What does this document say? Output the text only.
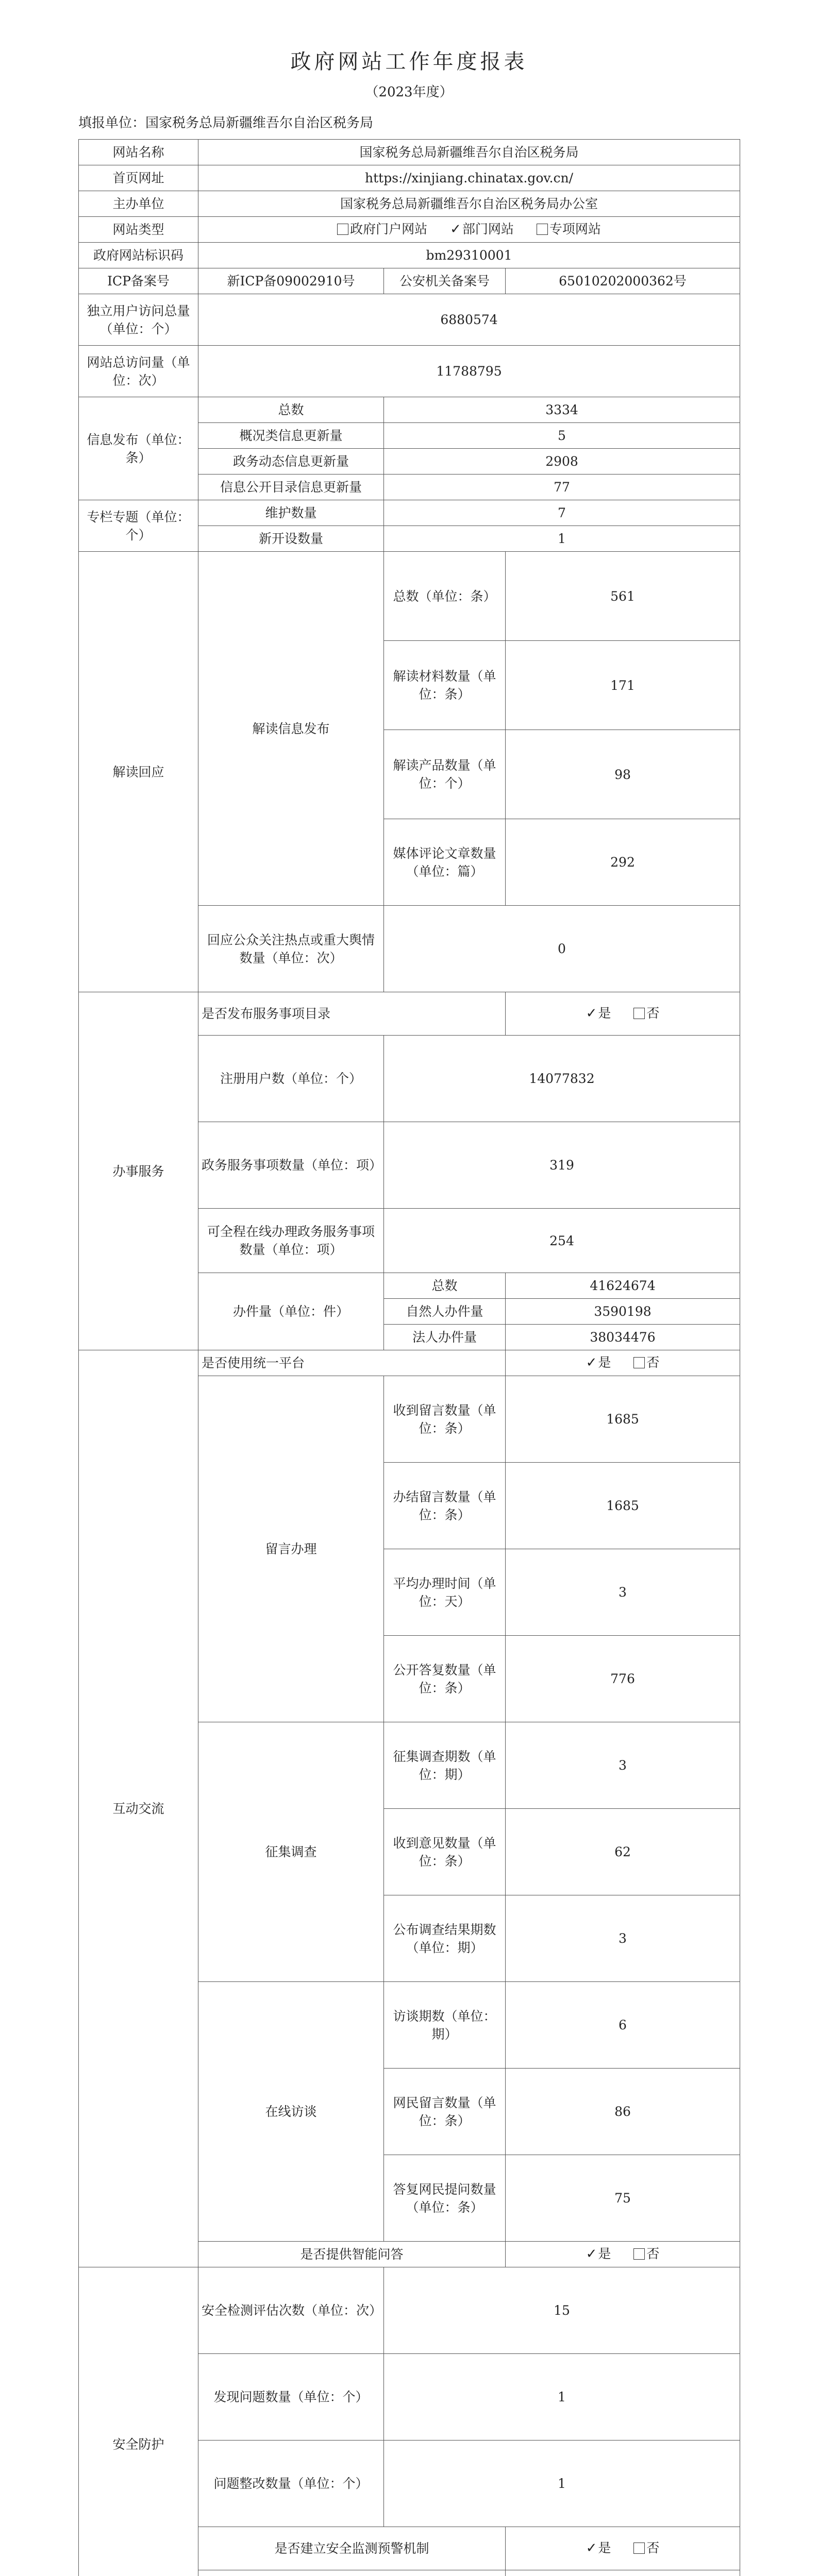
政府网站工作年度报表
（2023年度）
填报单位：国家税务总局新疆维吾尔自治区税务局
网站名称	国家税务总局新疆维吾尔自治区税务局		
首页网址	https://xinjiang.chinatax.gov.cn/		
主办单位	国家税务总局新疆维吾尔自治区税务局办公室		
网站类型	政府门户网站 ✓部门网站 专项网站		
政府网站标识码	bm29310001		
ICP备案号	新ICP备09002910号	公安机关备案号	65010202000362号
独立用户访问总量（单位：个）	6880574		
网站总访问量（单位：次）	11788795		
信息发布（单位：条）	总数	3334	
	概况类信息更新量	5	
	政务动态信息更新量	2908	
	信息公开目录信息更新量	77	
专栏专题（单位：个）	维护数量	7	
	新开设数量	1	
解读回应	解读信息发布	总数（单位：条）	561
		解读材料数量（单位：条）	171
		解读产品数量（单位：个）	98
		媒体评论文章数量（单位：篇）	292
	回应公众关注热点或重大舆情数量（单位：次）	0	
办事服务	是否发布服务事项目录		✓是 否
	注册用户数（单位：个）	14077832	
	政务服务事项数量（单位：项）	319	
	可全程在线办理政务服务事项数量（单位：项）	254	
	办件量（单位：件）	总数	41624674
		自然人办件量	3590198
		法人办件量	38034476
互动交流	是否使用统一平台		✓是 否
	留言办理	收到留言数量（单位：条）	1685
		办结留言数量（单位：条）	1685
		平均办理时间（单位：天）	3
		公开答复数量（单位：条）	776
	征集调查	征集调查期数（单位：期）	3
		收到意见数量（单位：条）	62
		公布调查结果期数（单位：期）	3
	在线访谈	访谈期数（单位：期）	6
		网民留言数量（单位：条）	86
		答复网民提问数量（单位：条）	75
	是否提供智能问答		✓是 否
安全防护	安全检测评估次数（单位：次）	15	
	发现问题数量（单位：个）	1	
	问题整改数量（单位：个）	1	
	是否建立安全监测预警机制		✓是 否
